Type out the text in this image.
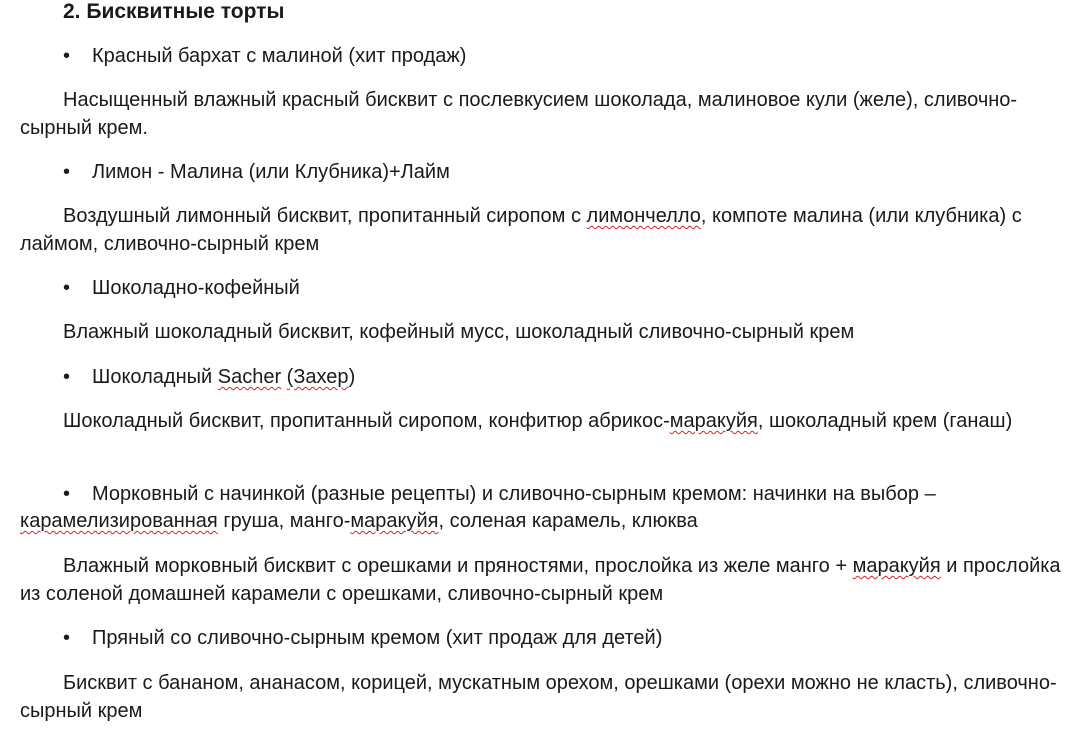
2. Бисквитные торты
• Красный бархат с малиной (хит продаж)
Насыщенный влажный красный бисквит с послевкусием шоколада, малиновое кули (желе), сливочно-сырный крем.
• Лимон - Малина (или Клубника)+Лайм
Воздушный лимонный бисквит, пропитанный сиропом с лимончелло, компоте малина (или клубника) с лаймом, сливочно-сырный крем
• Шоколадно-кофейный
Влажный шоколадный бисквит, кофейный мусс, шоколадный сливочно-сырный крем
• Шоколадный Sacher (Захер)
Шоколадный бисквит, пропитанный сиропом, конфитюр абрикос-маракуйя, шоколадный крем (ганаш)
• Морковный с начинкой (разные рецепты) и сливочно-сырным кремом: начинки на выбор –
карамелизированная груша, манго-маракуйя, соленая карамель, клюква
Влажный морковный бисквит с орешками и пряностями, прослойка из желе манго + маракуйя и прослойка из соленой домашней карамели с орешками, сливочно-сырный крем
• Пряный со сливочно-сырным кремом (хит продаж для детей)
Бисквит с бананом, ананасом, корицей, мускатным орехом, орешками (орехи можно не класть), сливочно-сырный крем
